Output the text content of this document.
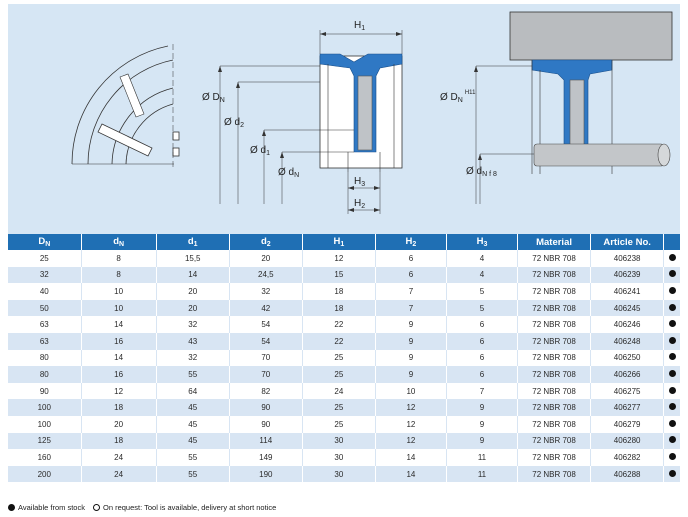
$H_1$
$H_3$
$H_2$
Ø $D_N$
Ø $d_2$
Ø $d_1$
Ø $d_N$
Ø $D_N^{H11}$
Ø $d_{N f 8}$
$D_N$	$d_N$	$d_1$	$d_2$	$H_1$	$H_2$	$H_3$	Material	Article No.	
25	8	15,5	20	12	6	4	72 NBR 708	406238	
32	8	14	24,5	15	6	4	72 NBR 708	406239	
40	10	20	32	18	7	5	72 NBR 708	406241	
50	10	20	42	18	7	5	72 NBR 708	406245	
63	14	32	54	22	9	6	72 NBR 708	406246	
63	16	43	54	22	9	6	72 NBR 708	406248	
80	14	32	70	25	9	6	72 NBR 708	406250	
80	16	55	70	25	9	6	72 NBR 708	406266	
90	12	64	82	24	10	7	72 NBR 708	406275	
100	18	45	90	25	12	9	72 NBR 708	406277	
100	20	45	90	25	12	9	72 NBR 708	406279	
125	18	45	114	30	12	9	72 NBR 708	406280	
160	24	55	149	30	14	11	72 NBR 708	406282	
200	24	55	190	30	14	11	72 NBR 708	406288	
Available from stock On request: Tool is available, delivery at short notice
